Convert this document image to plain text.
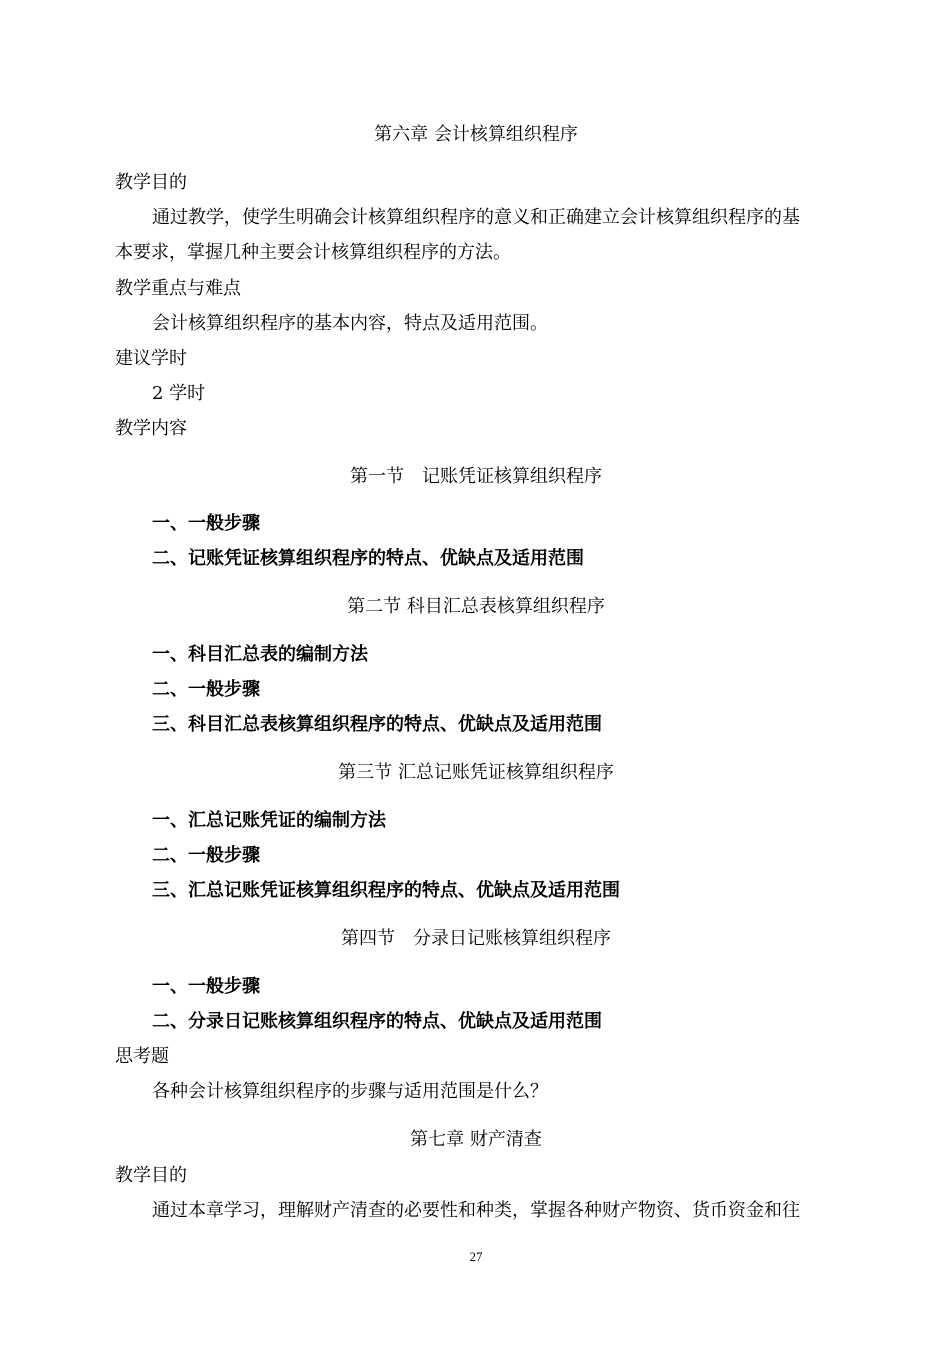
第六章 会计核算组织程序
教学目的
通过教学，使学生明确会计核算组织程序的意义和正确建立会计核算组织程序的基
本要求，掌握几种主要会计核算组织程序的方法。
教学重点与难点
会计核算组织程序的基本内容，特点及适用范围。
建议学时
2 学时
教学内容
第一节　记账凭证核算组织程序
一、一般步骤
二、记账凭证核算组织程序的特点、优缺点及适用范围
第二节 科目汇总表核算组织程序
一、科目汇总表的编制方法
二、一般步骤
三、科目汇总表核算组织程序的特点、优缺点及适用范围
第三节 汇总记账凭证核算组织程序
一、汇总记账凭证的编制方法
二、一般步骤
三、汇总记账凭证核算组织程序的特点、优缺点及适用范围
第四节　分录日记账核算组织程序
一、一般步骤
二、分录日记账核算组织程序的特点、优缺点及适用范围
思考题
各种会计核算组织程序的步骤与适用范围是什么？
第七章 财产清查
教学目的
通过本章学习，理解财产清查的必要性和种类，掌握各种财产物资、货币资金和往
27
